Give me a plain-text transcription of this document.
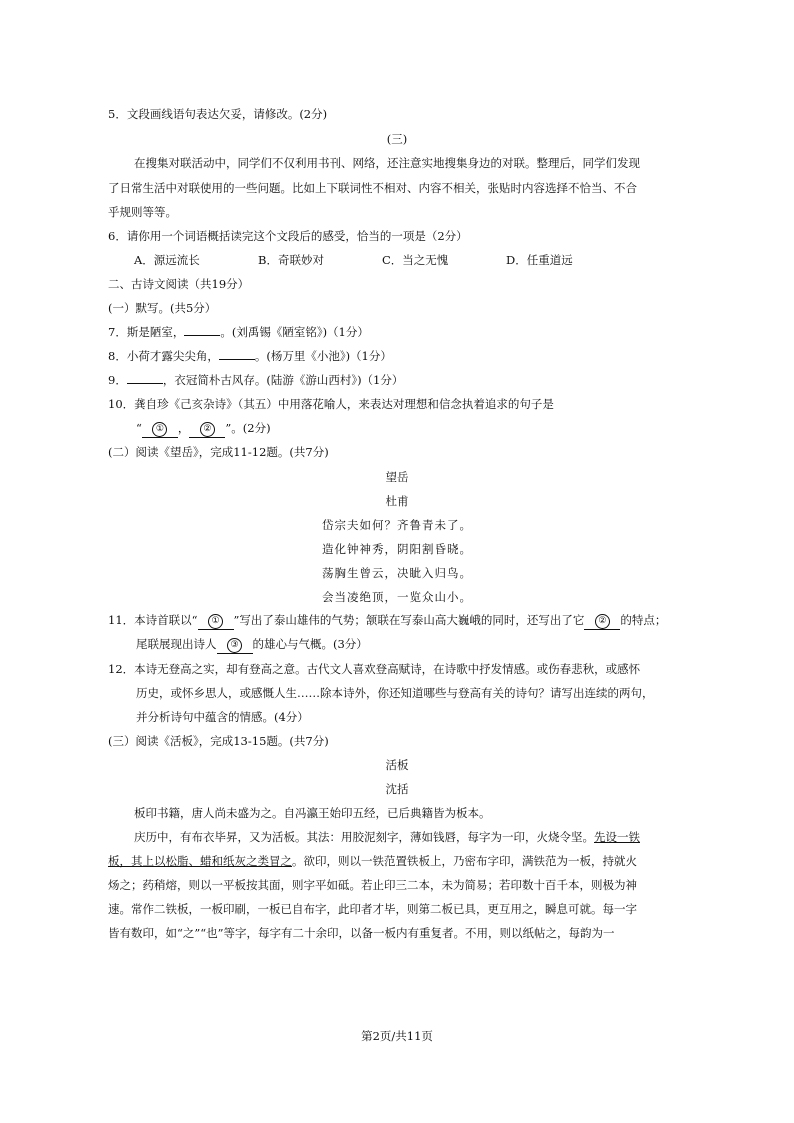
5．文段画线语句表达欠妥，请修改。(2分)
(三)
在搜集对联活动中，同学们不仅利用书刊、网络，还注意实地搜集身边的对联。整理后，同学们发现
了日常生活中对联使用的一些问题。比如上下联词性不相对、内容不相关，张贴时内容选择不恰当、不合
乎规则等等。
6．请你用一个词语概括读完这个文段后的感受，恰当的一项是（2分）
A．源远流长	B．奇联妙对	C．当之无愧	D．任重道远
二、古诗文阅读（共19分）
(一）默写。(共5分）
7．斯是陋室，	。(刘禹锡《陋室铭》)（1分）
8．小荷才露尖尖角，	。(杨万里《小池》)（1分）
9．	，衣冠简朴古风存。(陆游《游山西村》)（1分）
10．龚自珍《己亥杂诗》（其五）中用落花喻人，来表达对理想和信念执着追求的句子是
“ ① ， ② ”。(2分)
(二）阅读《望岳》，完成11-12题。(共7分)
望岳
杜甫
岱宗夫如何？齐鲁青未了。
造化钟神秀，阴阳割昏晓。
荡胸生曾云，决眦入归鸟。
会当凌绝顶，一览众山小。
11．本诗首联以“ ① ”写出了泰山雄伟的气势；颔联在写泰山高大巍峨的同时，还写出了它 ② 的特点；
尾联展现出诗人 ③ 的雄心与气概。(3分）
12．本诗无登高之实，却有登高之意。古代文人喜欢登高赋诗，在诗歌中抒发情感。或伤春悲秋，或感怀
历史，或怀乡思人，或感慨人生……除本诗外，你还知道哪些与登高有关的诗句？请写出连续的两句，
并分析诗句中蕴含的情感。(4分）
(三）阅读《活板》，完成13-15题。(共7分)
活板
沈括
板印书籍，唐人尚未盛为之。自冯瀛王始印五经，已后典籍皆为板本。
庆历中，有布衣毕昇，又为活板。其法：用胶泥刻字，薄如钱唇，每字为一印，火烧令坚。先设一铁
板，其上以松脂、蜡和纸灰之类冒之。欲印，则以一铁范置铁板上，乃密布字印，满铁范为一板，持就火
炀之；药稍熔，则以一平板按其面，则字平如砥。若止印三二本，未为简易；若印数十百千本，则极为神
速。常作二铁板，一板印刷，一板已自布字，此印者才毕，则第二板已具，更互用之，瞬息可就。每一字
皆有数印，如“之”“也”等字，每字有二十余印，以备一板内有重复者。不用，则以纸帖之，每韵为一
第2页/共11页
